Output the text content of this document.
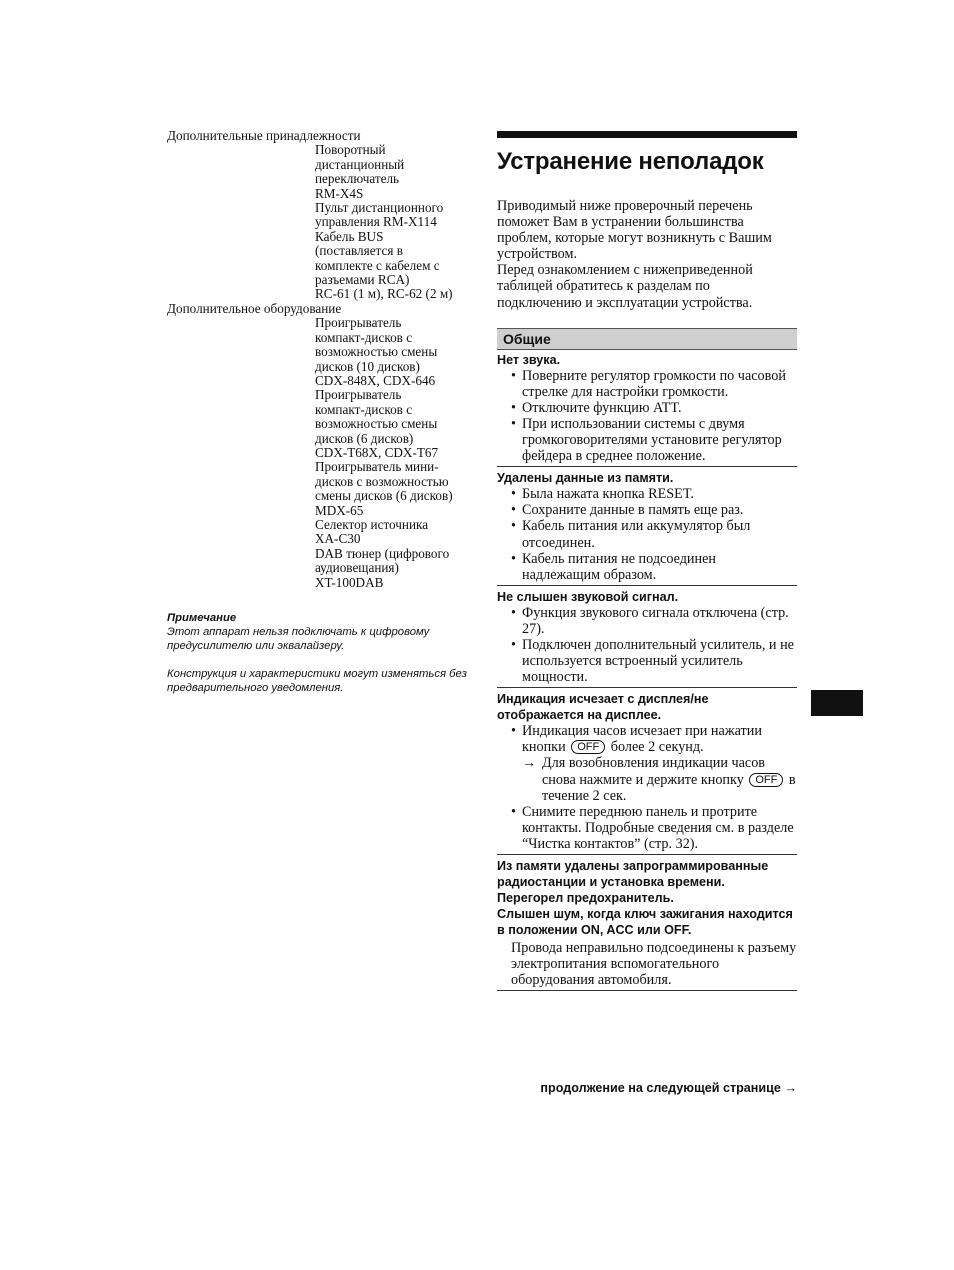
Дополнительные принадлежности

Поворотный
дистанционный
переключатель
RM-X4S
Пульт дистанционного
управления RM-X114
Кабель BUS
(поставляется в
комплекте с кабелем с
разъемами RCA)
RC-61 (1 м), RC-62 (2 м)

Дополнительное оборудование

Проигрыватель
компакт-дисков с
возможностью смены
дисков (10 дисков)
CDX-848X, CDX-646
Проигрыватель
компакт-дисков с
возможностью смены
дисков (6 дисков)
CDX-T68X, CDX-T67
Проигрыватель мини-
дисков с возможностью
смены дисков (6 дисков)
MDX-65
Селектор источника
XA-C30
DAB тюнер (цифрового
аудиовещания)
XT-100DAB

Примечание

Этот аппарат нельзя подключать к цифровому предусилителю или эквалайзеру.

Конструкция и характеристики могут изменяться без предварительного уведомления.

Устранение неполадок

Приводимый ниже проверочный перечень поможет Вам в устранении большинства проблем, которые могут возникнуть с Вашим устройством.

Перед ознакомлением с нижеприведенной таблицей обратитесь к разделам по подключению и эксплуатации устройства.

Общие
Нет звука.
• Поверните регулятор громкости по часовой стрелке для настройки громкости.
• Отключите функцию ATT.
• При использовании системы с двумя громкоговорителями установите регулятор фейдера в среднее положение.
Удалены данные из памяти.
• Была нажата кнопка RESET.
• Сохраните данные в память еще раз.
• Кабель питания или аккумулятор был отсоединен.
• Кабель питания не подсоединен надлежащим образом.
Не слышен звуковой сигнал.
• Функция звукового сигнала отключена (стр. 27).
• Подключен дополнительный усилитель, и не используется встроенный усилитель мощности.
Индикация исчезает с дисплея/не отображается на дисплее.
• Индикация часов исчезает при нажатии кнопки OFF более 2 секунд.
→ Для возобновления индикации часов снова нажмите и держите кнопку OFF в течение 2 сек.
• Снимите переднюю панель и протрите контакты. Подробные сведения см. в разделе “Чистка контактов” (стр. 32).
Из памяти удалены запрограммированные радиостанции и установка времени.
Перегорел предохранитель.
Слышен шум, когда ключ зажигания находится в положении ON, ACC или OFF.
Провода неправильно подсоединены к разъему электропитания вспомогательного оборудования автомобиля.
продолжение на следующей странице →
